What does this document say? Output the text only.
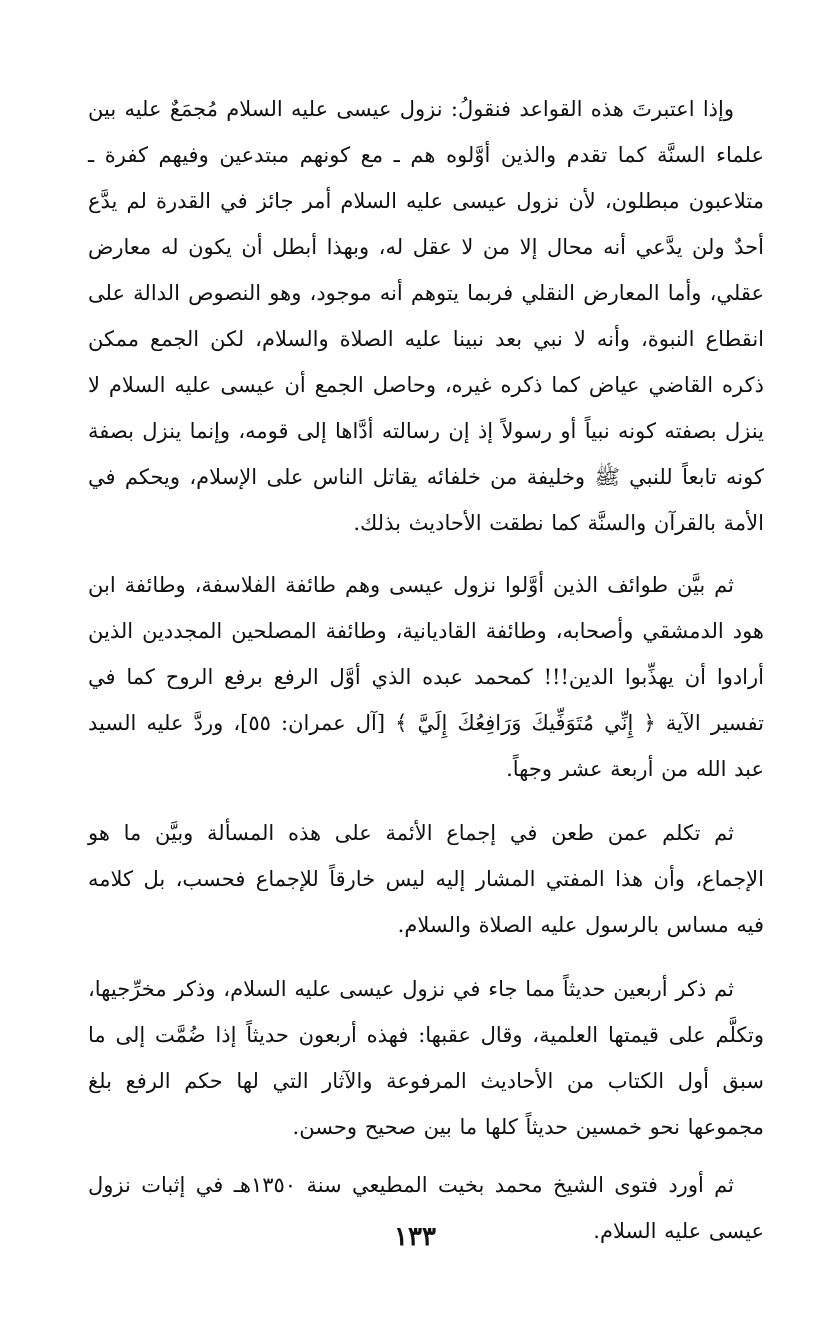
وإذا اعتبرتَ هذه القواعد فنقولُ: نزول عيسى عليه السلام مُجمَعٌ عليه بين علماء السنَّة كما تقدم والذين أوَّلوه هم ـ مع كونهم مبتدعين وفيهم كفرة ـ متلاعبون مبطلون، لأن نزول عيسى عليه السلام أمر جائز في القدرة لم يدَّع أحدٌ ولن يدَّعي أنه محال إلا من لا عقل له، وبهذا أبطل أن يكون له معارض عقلي، وأما المعارض النقلي فربما يتوهم أنه موجود، وهو النصوص الدالة على انقطاع النبوة، وأنه لا نبي بعد نبينا عليه الصلاة والسلام، لكن الجمع ممكن ذكره القاضي عياض كما ذكره غيره، وحاصل الجمع أن عيسى عليه السلام لا ينزل بصفته كونه نبياً أو رسولاً إذ إن رسالته أدَّاها إلى قومه، وإنما ينزل بصفة كونه تابعاً للنبي ﷺ وخليفة من خلفائه يقاتل الناس على الإسلام، ويحكم في الأمة بالقرآن والسنَّة كما نطقت الأحاديث بذلك.

ثم بيَّن طوائف الذين أوَّلوا نزول عيسى وهم طائفة الفلاسفة، وطائفة ابن هود الدمشقي وأصحابه، وطائفة القاديانية، وطائفة المصلحين المجددين الذين أرادوا أن يهذِّبوا الدين!!! كمحمد عبده الذي أوَّل الرفع برفع الروح كما في تفسير الآية ﴿ إِنِّي مُتَوَفِّيكَ وَرَافِعُكَ إِلَيَّ ﴾ [آل عمران: ٥٥]، وردَّ عليه السيد عبد الله من أربعة عشر وجهاً.

ثم تكلم عمن طعن في إجماع الأئمة على هذه المسألة وبيَّن ما هو الإجماع، وأن هذا المفتي المشار إليه ليس خارقاً للإجماع فحسب، بل كلامه فيه مساس بالرسول عليه الصلاة والسلام.

ثم ذكر أربعين حديثاً مما جاء في نزول عيسى عليه السلام، وذكر مخرِّجيها، وتكلَّم على قيمتها العلمية، وقال عقبها: فهذه أربعون حديثاً إذا ضُمَّت إلى ما سبق أول الكتاب من الأحاديث المرفوعة والآثار التي لها حكم الرفع بلغ مجموعها نحو خمسين حديثاً كلها ما بين صحيح وحسن.

ثم أورد فتوى الشيخ محمد بخيت المطيعي سنة ١٣٥٠هـ في إثبات نزول عيسى عليه السلام.

١٣٣
